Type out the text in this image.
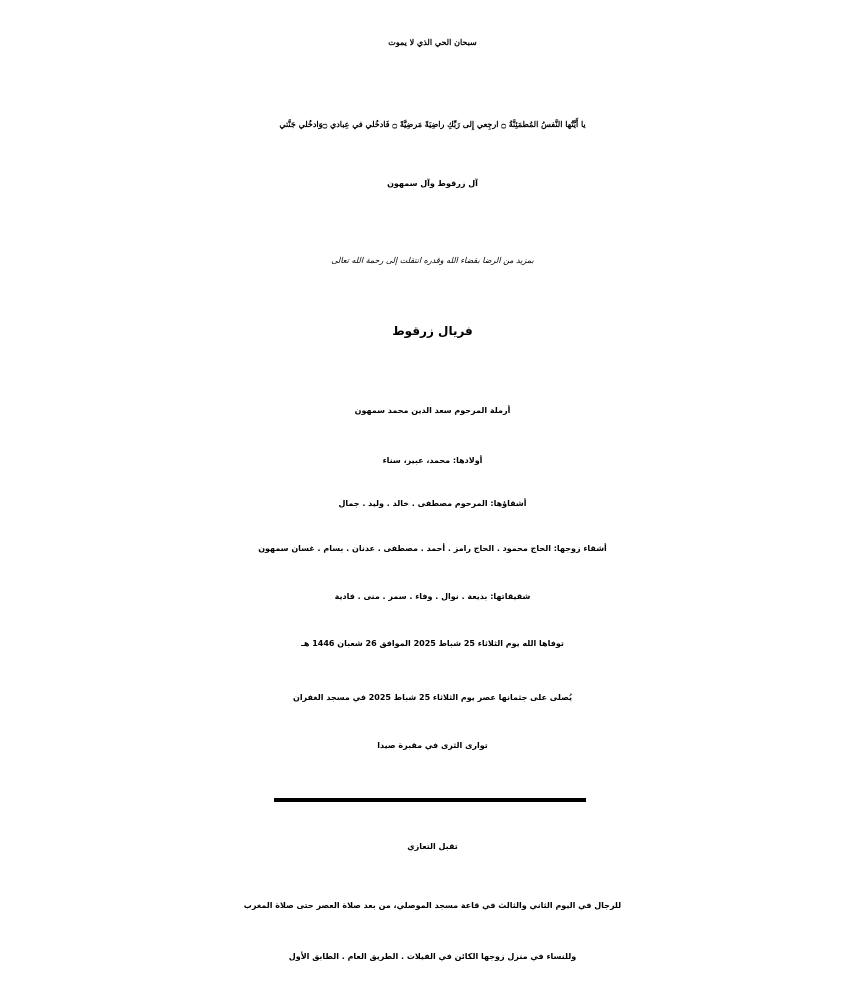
سبحان الحي الذي لا يموت
يا أَيَّتُها النَّفسُ المُطمَئِنَّةُ ۝ ارجِعي إِلى رَبِّكِ راضِيَةً مَرضِيَّةً ۝ فَادخُلي في عِبادي ۝وَادخُلي جَنَّتي
آل زرقوط وآل سمهون
بمزيد من الرضا بقضاء الله وقدره انتقلت إلى رحمة الله تعالى
فريال زرقوط
أرملة المرحوم سعد الدين محمد سمهون
أولادها: محمد، عبير، سناء
أشقاؤها: المرحوم مصطفى . خالد . وليد . جمال
أشقاء زوجها: الحاج محمود . الحاج رامز . أحمد . مصطفى . عدنان . بسام . غسان سمهون
شقيقاتها: بديعة . نوال . وفاء . سمر . منى . فادية
توفاها الله يوم الثلاثاء 25 شباط 2025 الموافق 26 شعبان 1446 هـ
يُصلى على جثمانها عصر يوم الثلاثاء 25 شباط 2025 في مسجد الغفران
توارى الثرى في مقبرة صيدا
تقبل التعازي
للرجال في اليوم الثاني والثالث في قاعة مسجد الموصلي، من بعد صلاة العصر حتى صلاة المغرب
وللنساء في منزل زوجها الكائن في الفيلات . الطريق العام . الطابق الأول
